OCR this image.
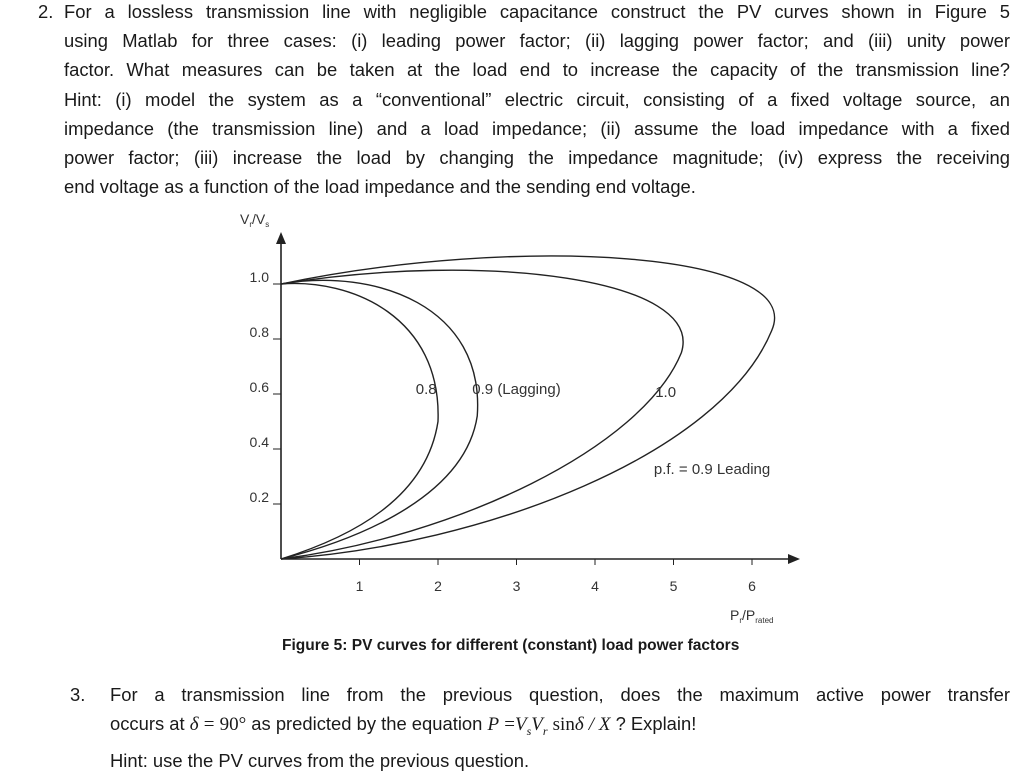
2. For a lossless transmission line with negligible capacitance construct the PV curves shown in Figure 5
using Matlab for three cases: (i) leading power factor; (ii) lagging power factor; and (iii) unity power
factor. What measures can be taken at the load end to increase the capacity of the transmission line?
Hint: (i) model the system as a “conventional” electric circuit, consisting of a fixed voltage source, an
impedance (the transmission line) and a load impedance; (ii) assume the load impedance with a fixed
power factor; (iii) increase the load by changing the impedance magnitude; (iv) express the receiving
end voltage as a function of the load impedance and the sending end voltage.
0.2
0.4
0.6
0.8
1.0
1	2	3	4	5	6
$V_r/V_s$
$P_r/P_{rated}$
0.8 0.9 (Lagging)	1.0
p.f. = 0.9 Leading
Figure 5: PV curves for different (constant) load power factors
3. For a transmission line from the previous question, does the maximum active power transfer
occurs at δ = 90° as predicted by the equation $P =V_sV_r$ sinδ / X ? Explain!
Hint: use the PV curves from the previous question.
